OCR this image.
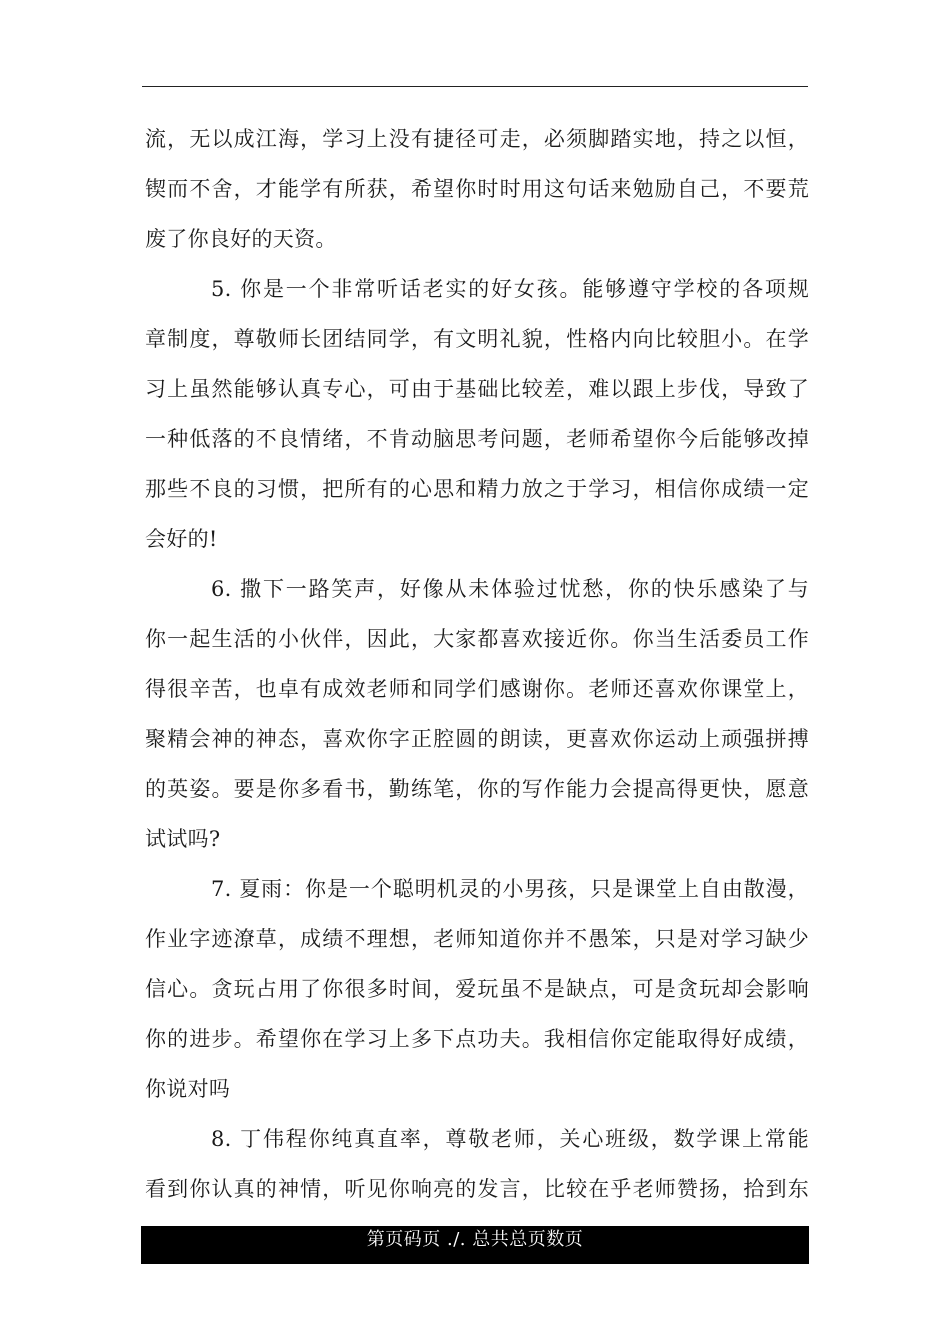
流，无以成江海，学习上没有捷径可走，必须脚踏实地，持之以恒，
锲而不舍，才能学有所获，希望你时时用这句话来勉励自己，不要荒
废了你良好的天资。
5. 你是一个非常听话老实的好女孩。能够遵守学校的各项规
章制度，尊敬师长团结同学，有文明礼貌，性格内向比较胆小。在学
习上虽然能够认真专心，可由于基础比较差，难以跟上步伐，导致了
一种低落的不良情绪，不肯动脑思考问题，老师希望你今后能够改掉
那些不良的习惯，把所有的心思和精力放之于学习，相信你成绩一定
会好的!
6. 撒下一路笑声，好像从未体验过忧愁，你的快乐感染了与
你一起生活的小伙伴，因此，大家都喜欢接近你。你当生活委员工作
得很辛苦，也卓有成效老师和同学们感谢你。老师还喜欢你课堂上，
聚精会神的神态，喜欢你字正腔圆的朗读，更喜欢你运动上顽强拼搏
的英姿。要是你多看书，勤练笔，你的写作能力会提高得更快，愿意
试试吗?
7. 夏雨：你是一个聪明机灵的小男孩，只是课堂上自由散漫，
作业字迹潦草，成绩不理想，老师知道你并不愚笨，只是对学习缺少
信心。贪玩占用了你很多时间，爱玩虽不是缺点，可是贪玩却会影响
你的进步。希望你在学习上多下点功夫。我相信你定能取得好成绩，
你说对吗
8. 丁伟程你纯真直率，尊敬老师，关心班级，数学课上常能
看到你认真的神情，听见你响亮的发言，比较在乎老师赞扬，拾到东
第页码页 ./. 总共总页数页
